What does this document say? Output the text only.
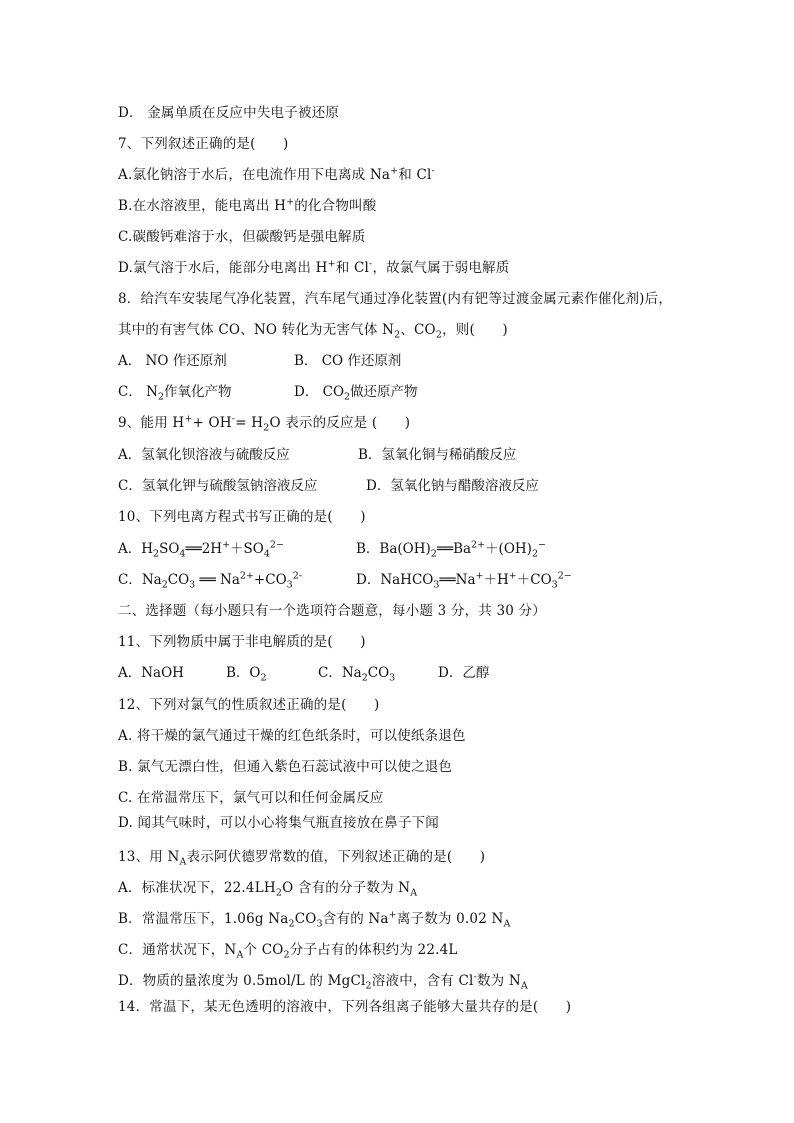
D． 金属单质在反应中失电子被还原
7、下列叙述正确的是(　　)
A.氯化钠溶于水后，在电流作用下电离成 Na+和 Cl-
B.在水溶液里，能电离出 H+的化合物叫酸
C.碳酸钙难溶于水，但碳酸钙是强电解质
D.氯气溶于水后，能部分电离出 H+和 Cl-，故氯气属于弱电解质
8．给汽车安装尾气净化装置，汽车尾气通过净化装置(内有钯等过渡金属元素作催化剂)后，
其中的有害气体 CO、NO 转化为无害气体 $N_2$、$CO_2$，则(　　)
A． NO 作还原剂	B． CO 作还原剂
C． $N_2$作氧化产物	D． $CO_2$做还原产物
9、能用 $H^++ OH^-= H_2O$ 表示的反应是 (　　)
A．氢氧化钡溶液与硫酸反应	B．氢氧化铜与稀硝酸反应
C．氢氧化钾与硫酸氢钠溶液反应	D．氢氧化钠与醋酸溶液反应
10、下列电离方程式书写正确的是(　　)
A．$H_2SO_4══2H^++SO_4^{2-}$	B．$Ba(OH)_2══Ba^{2+}+(OH)_2^-$
C．$Na_2CO_3$ ══ $Na^{2+}+CO_3^{2-}$	D．$NaHCO_3══Na^++H^++CO_3^{2-}$
二、选择题（每小题只有一个选项符合题意，每小题 3 分，共 30 分）
11、下列物质中属于非电解质的是(　　)
A．NaOH	B．$O_2$	C．$Na_2CO_3$	D．乙醇
12、下列对氯气的性质叙述正确的是(　　)
A. 将干燥的氯气通过干燥的红色纸条时，可以使纸条退色
B. 氯气无漂白性，但通入紫色石蕊试液中可以使之退色
C. 在常温常压下，氯气可以和任何金属反应
D. 闻其气味时，可以小心将集气瓶直接放在鼻子下闻
13、用 $N_A$表示阿伏德罗常数的值，下列叙述正确的是(　　)
A．标准状况下，$22.4LH_2O$ 含有的分子数为 $N_A$
B．常温常压下，1.06g $Na_2CO_3$含有的 Na+离子数为 0.02 $N_A$
C．通常状况下，$N_A$个 $CO_2$分子占有的体积约为 22.4L
D．物质的量浓度为 0.5mol/L 的 MgCl$_2$溶液中，含有 Cl-数为 $N_A$
14．常温下，某无色透明的溶液中，下列各组离子能够大量共存的是(　　)
